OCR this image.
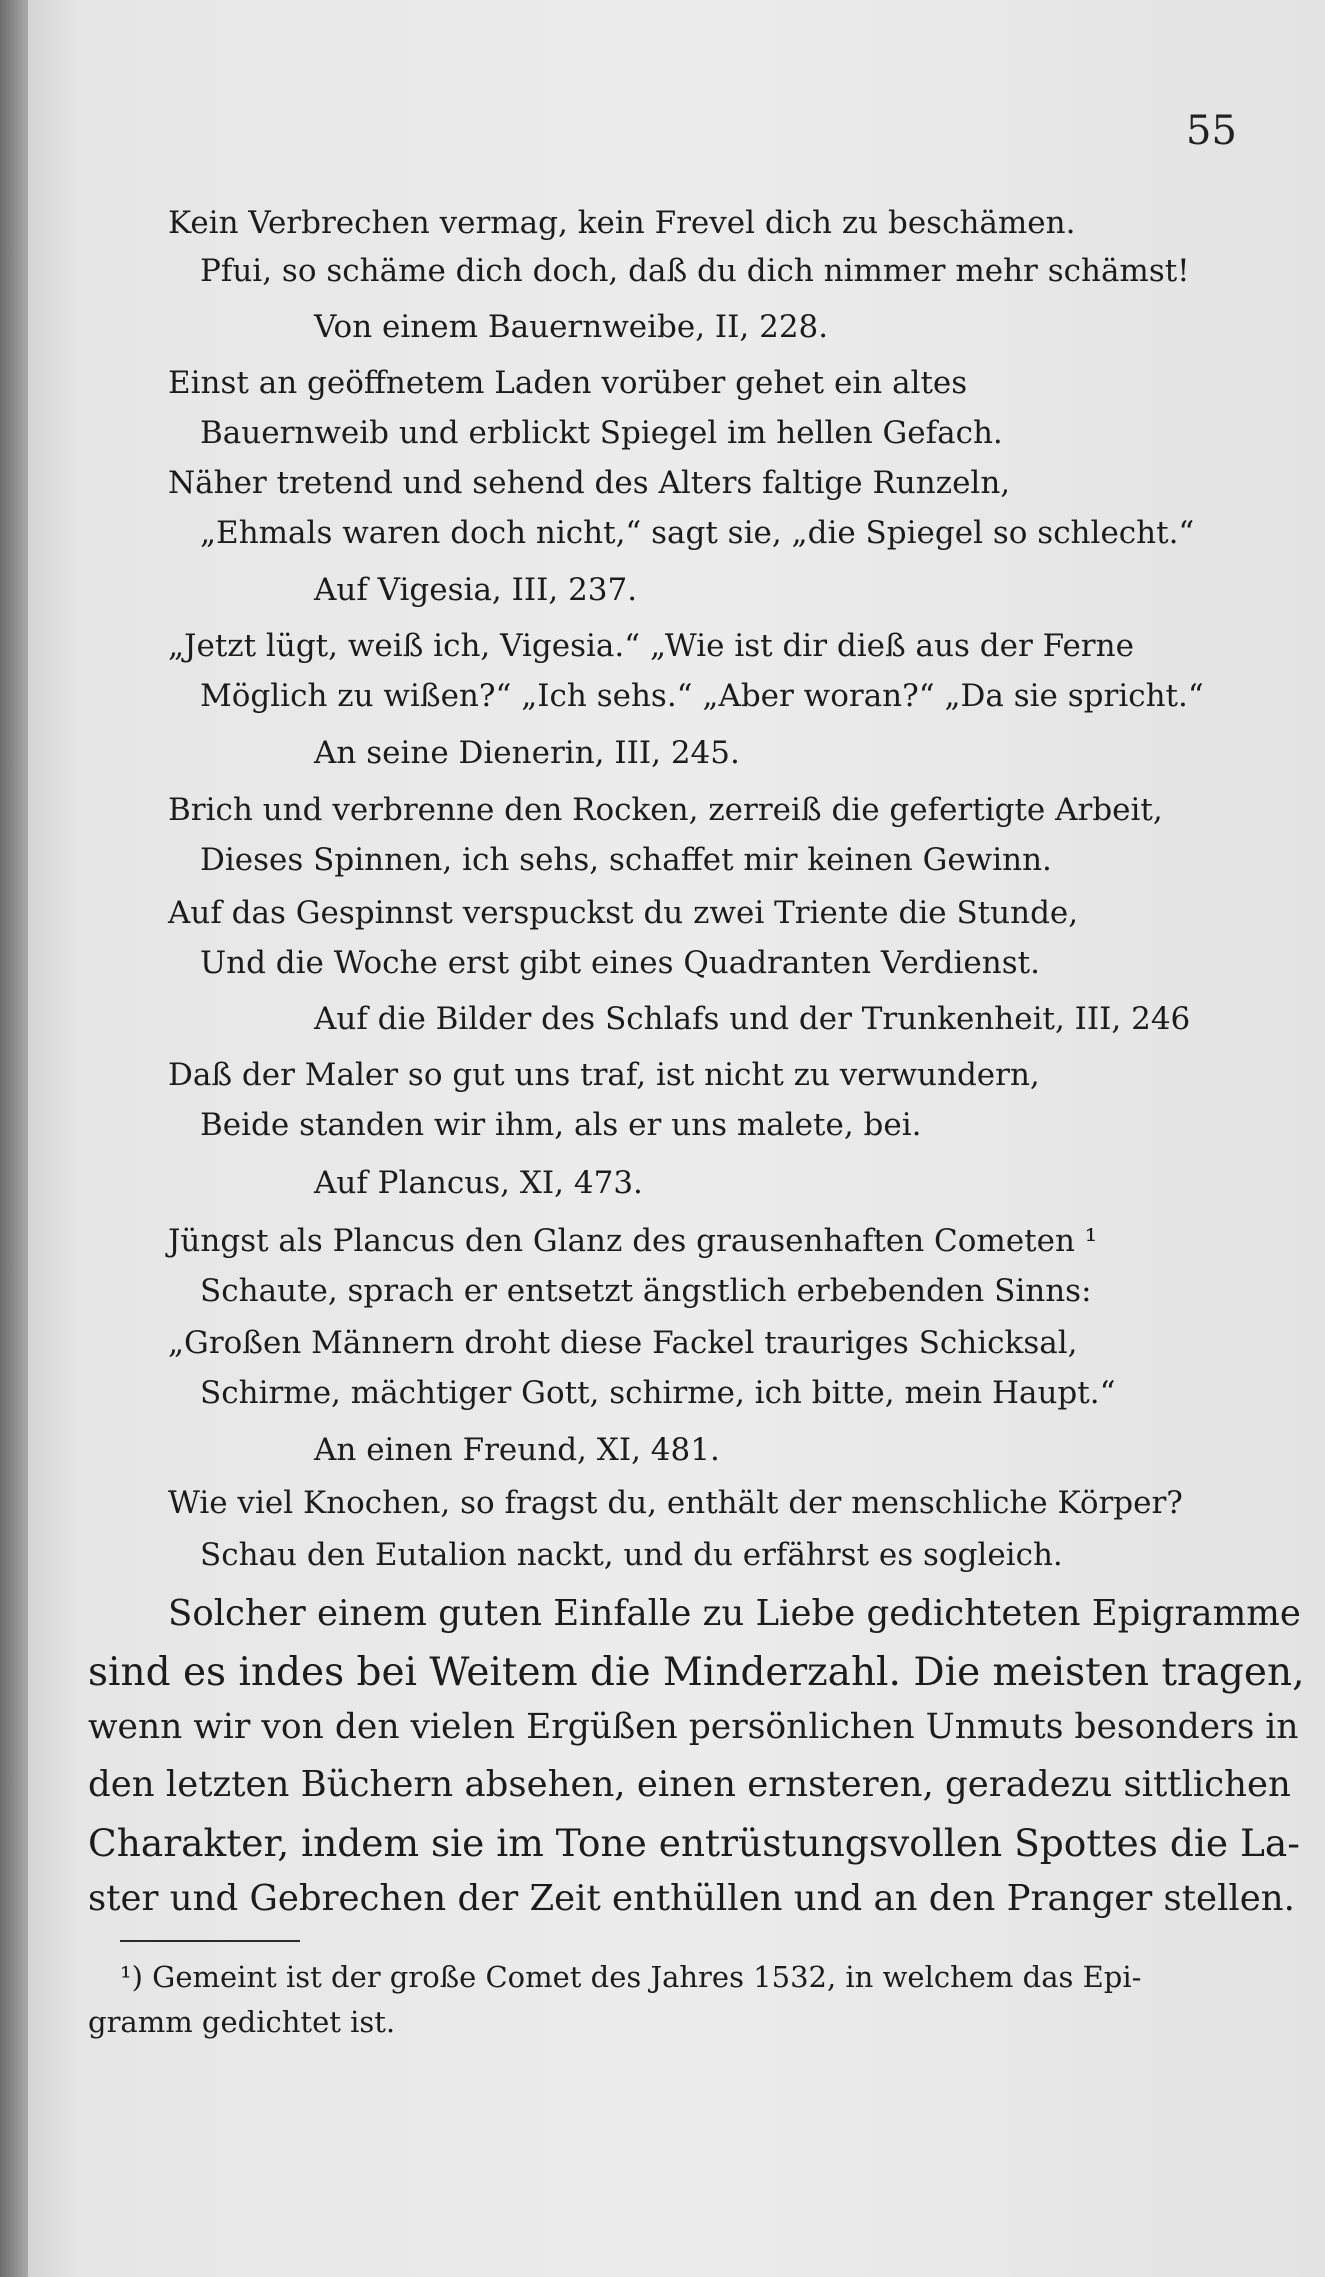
55
Kein Verbrechen vermag, kein Frevel dich zu beschämen.
Pfui, so schäme dich doch, daß du dich nimmer mehr schämst!
Von einem Bauernweibe, II, 228.
Einst an geöffnetem Laden vorüber gehet ein altes
Bauernweib und erblickt Spiegel im hellen Gefach.
Näher tretend und sehend des Alters faltige Runzeln,
„Ehmals waren doch nicht,“ sagt sie, „die Spiegel so schlecht.“
Auf Vigesia, III, 237.
„Jetzt lügt, weiß ich, Vigesia.“ „Wie ist dir dieß aus der Ferne
Möglich zu wißen?“ „Ich sehs.“ „Aber woran?“ „Da sie spricht.“
An seine Dienerin, III, 245.
Brich und verbrenne den Rocken, zerreiß die gefertigte Arbeit,
Dieses Spinnen, ich sehs, schaffet mir keinen Gewinn.
Auf das Gespinnst verspuckst du zwei Triente die Stunde,
Und die Woche erst gibt eines Quadranten Verdienst.
Auf die Bilder des Schlafs und der Trunkenheit, III, 246
Daß der Maler so gut uns traf, ist nicht zu verwundern,
Beide standen wir ihm, als er uns malete, bei.
Auf Plancus, XI, 473.
Jüngst als Plancus den Glanz des grausenhaften Cometen ¹
Schaute, sprach er entsetzt ängstlich erbebenden Sinns:
„Großen Männern droht diese Fackel trauriges Schicksal,
Schirme, mächtiger Gott, schirme, ich bitte, mein Haupt.“
An einen Freund, XI, 481.
Wie viel Knochen, so fragst du, enthält der menschliche Körper?
Schau den Eutalion nackt, und du erfährst es sogleich.
Solcher einem guten Einfalle zu Liebe gedichteten Epigramme
sind es indes bei Weitem die Minderzahl. Die meisten tragen,
wenn wir von den vielen Ergüßen persönlichen Unmuts besonders in
den letzten Büchern absehen, einen ernsteren, geradezu sittlichen
Charakter, indem sie im Tone entrüstungsvollen Spottes die La-
ster und Gebrechen der Zeit enthüllen und an den Pranger stellen.
¹) Gemeint ist der große Comet des Jahres 1532, in welchem das Epi-
gramm gedichtet ist.
